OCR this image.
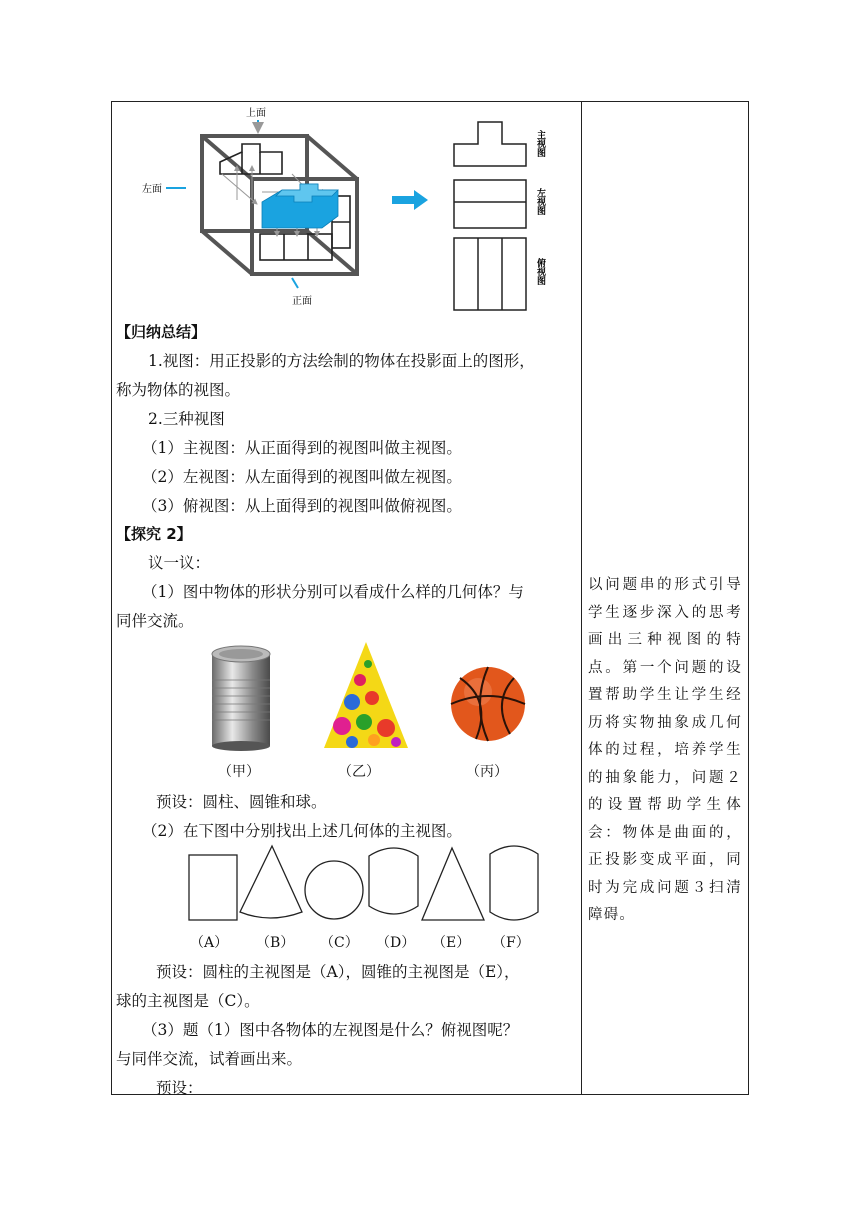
上面
左面
正面
主视图
左视图
俯视图
【归纳总结】
1.视图：用正投影的方法绘制的物体在投影面上的图形，
称为物体的视图。
2.三种视图
（1）主视图：从正面得到的视图叫做主视图。
（2）左视图：从左面得到的视图叫做左视图。
（3）俯视图：从上面得到的视图叫做俯视图。
【探究 2】
议一议：
（1）图中物体的形状分别可以看成什么样的几何体？与
同伴交流。
（甲）	（乙）	（丙）
预设：圆柱、圆锥和球。
（2）在下图中分别找出上述几何体的主视图。
（A） （B） （C） （D） （E） （F）
预设：圆柱的主视图是（A），圆锥的主视图是（E），
球的主视图是（C）。
（3）题（1）图中各物体的左视图是什么？俯视图呢？
与同伴交流，试着画出来。
预设：
以问题串的形式引导学生逐步深入的思考画出三种视图的特点。第一个问题的设置帮助学生让学生经历将实物抽象成几何体的过程，培养学生的抽象能力，问题２的设置帮助学生体会：物体是曲面的，正投影变成平面，同时为完成问题３扫清障碍。
